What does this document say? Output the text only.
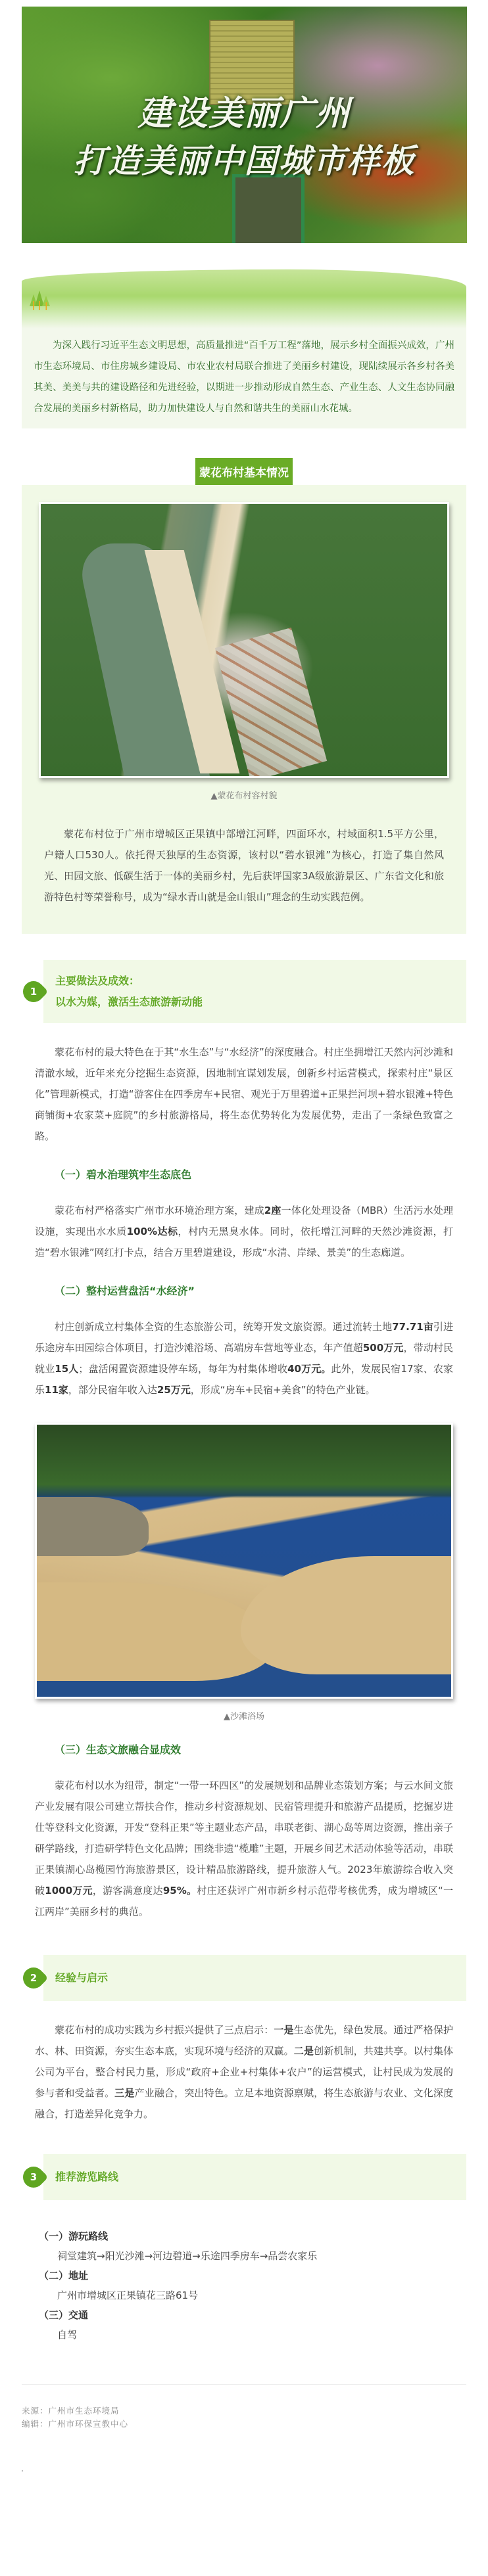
建设美丽广州
打造美丽中国城市样板

为深入践行习近平生态文明思想，高质量推进“百千万工程”落地，展示乡村全面振兴成效，广州市生态环境局、市住房城乡建设局、市农业农村局联合推进了美丽乡村建设，现陆续展示各乡村各美其美、美美与共的建设路径和先进经验，以期进一步推动形成自然生态、产业生态、人文生态协同融合发展的美丽乡村新格局，助力加快建设人与自然和谐共生的美丽山水花城。

蒙花布村基本情况
▲蒙花布村容村貌

蒙花布村位于广州市增城区正果镇中部增江河畔，四面环水，村域面积1.5平方公里，户籍人口530人。依托得天独厚的生态资源，该村以“碧水银滩”为核心，打造了集自然风光、田园文旅、低碳生活于一体的美丽乡村，先后获评国家3A级旅游景区、广东省文化和旅游特色村等荣誉称号，成为“绿水青山就是金山银山”理念的生动实践范例。

1
主要做法及成效：
以水为媒，激活生态旅游新动能

蒙花布村的最大特色在于其“水生态”与“水经济”的深度融合。村庄坐拥增江天然内河沙滩和清澈水域，近年来充分挖掘生态资源，因地制宜谋划发展，创新乡村运营模式，探索村庄“景区化”管理新模式，打造“游客住在四季房车+民宿、观光于万里碧道+正果拦河坝+碧水银滩+特色商铺街+农家菜+庭院”的乡村旅游格局，将生态优势转化为发展优势，走出了一条绿色致富之路。

（一）碧水治理筑牢生态底色

蒙花布村严格落实广州市水环境治理方案，建成2座一体化处理设备（MBR）生活污水处理设施，实现出水水质100%达标，村内无黑臭水体。同时，依托增江河畔的天然沙滩资源，打造“碧水银滩”网红打卡点，结合万里碧道建设，形成“水清、岸绿、景美”的生态廊道。

（二）整村运营盘活“水经济”

村庄创新成立村集体全资的生态旅游公司，统筹开发文旅资源。通过流转土地77.71亩引进乐途房车田园综合体项目，打造沙滩浴场、高端房车营地等业态，年产值超500万元，带动村民就业15人；盘活闲置资源建设停车场，每年为村集体增收40万元。此外，发展民宿17家、农家乐11家，部分民宿年收入达25万元，形成“房车+民宿+美食”的特色产业链。

▲沙滩浴场
（三）生态文旅融合显成效

蒙花布村以水为纽带，制定“一带一环四区”的发展规划和品牌业态策划方案；与云水间文旅产业发展有限公司建立帮扶合作，推动乡村资源规划、民宿管理提升和旅游产品提质，挖掘岁进仕等登科文化资源，开发“登科正果”等主题业态产品，串联老街、湖心岛等周边资源，推出亲子研学路线，打造研学特色文化品牌；围绕非遗“榄雕”主题，开展乡间艺术活动体验等活动，串联正果镇湖心岛榄园竹海旅游景区，设计精品旅游路线，提升旅游人气。2023年旅游综合收入突破1000万元，游客满意度达95%。村庄还获评广州市新乡村示范带考核优秀，成为增城区“一江两岸”美丽乡村的典范。

2	经验与启示

蒙花布村的成功实践为乡村振兴提供了三点启示：一是生态优先，绿色发展。通过严格保护水、林、田资源，夯实生态本底，实现环境与经济的双赢。二是创新机制，共建共享。以村集体公司为平台，整合村民力量，形成“政府+企业+村集体+农户”的运营模式，让村民成为发展的参与者和受益者。三是产业融合，突出特色。立足本地资源禀赋，将生态旅游与农业、文化深度融合，打造差异化竞争力。

3	推荐游览路线
（一）游玩路线
祠堂建筑→阳光沙滩→河边碧道→乐途四季房车→品尝农家乐
（二）地址
广州市增城区正果镇花三路61号
（三）交通
自驾
来源：广州市生态环境局
编辑：广州市环保宣教中心
